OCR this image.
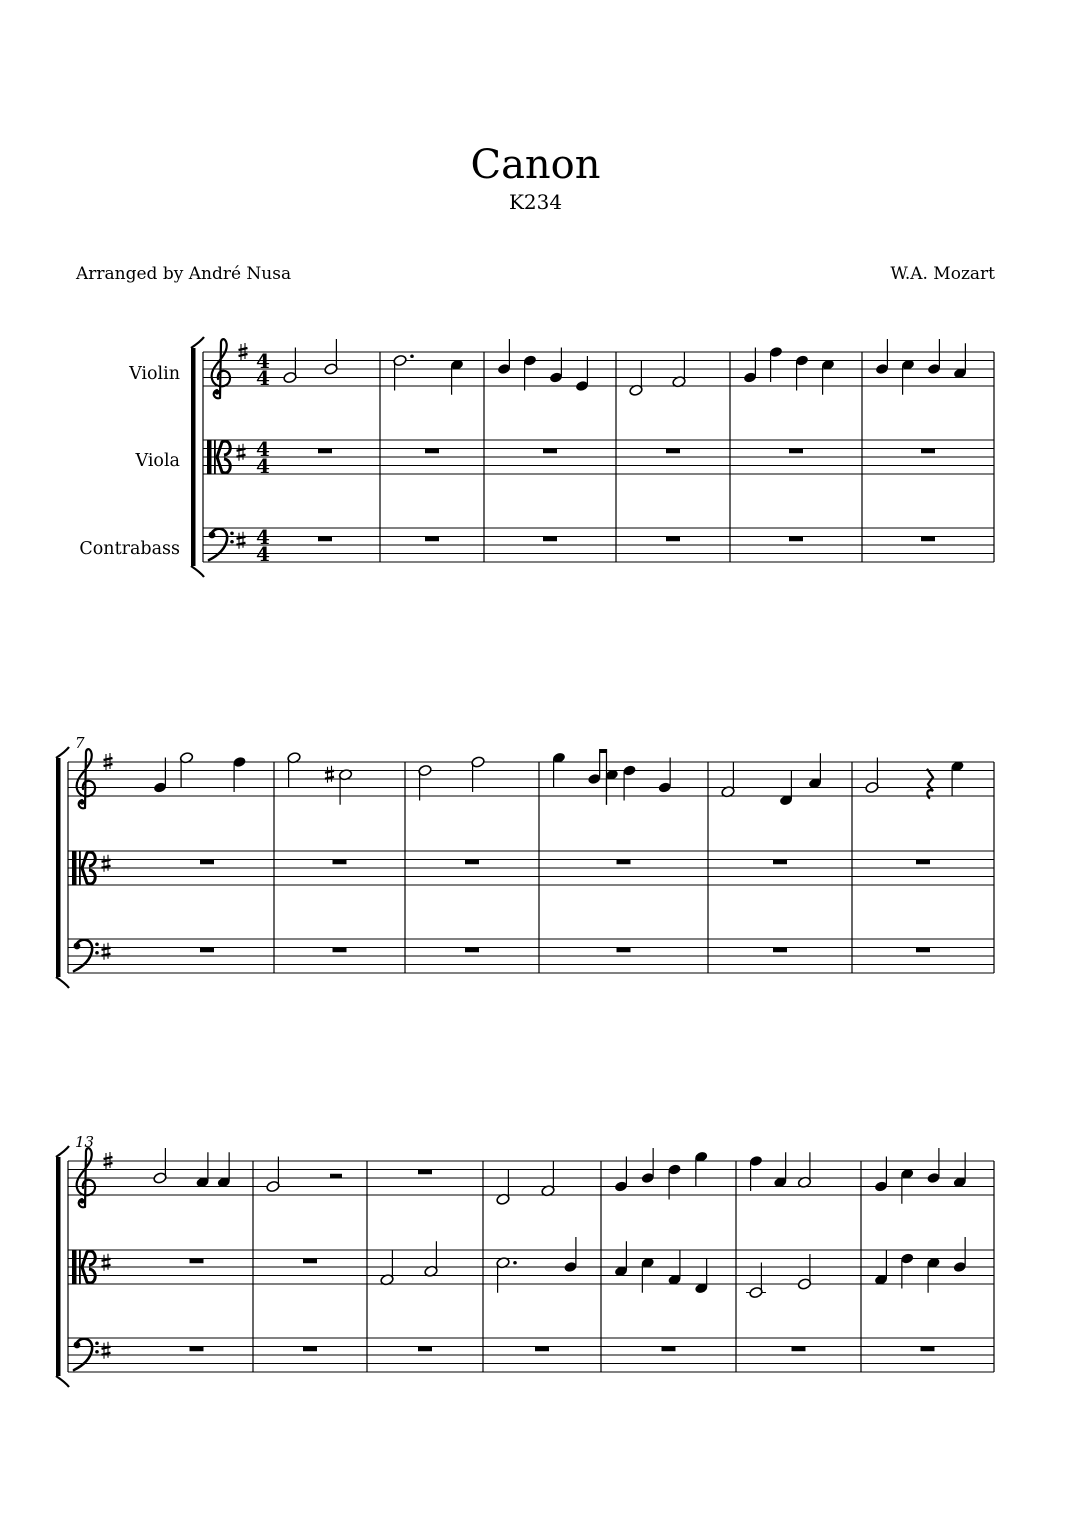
Canon
K234
Arranged by André Nusa	W.A. Mozart
Violin
Viola
Contrabass
4
4
4
4
4
4
7
13
